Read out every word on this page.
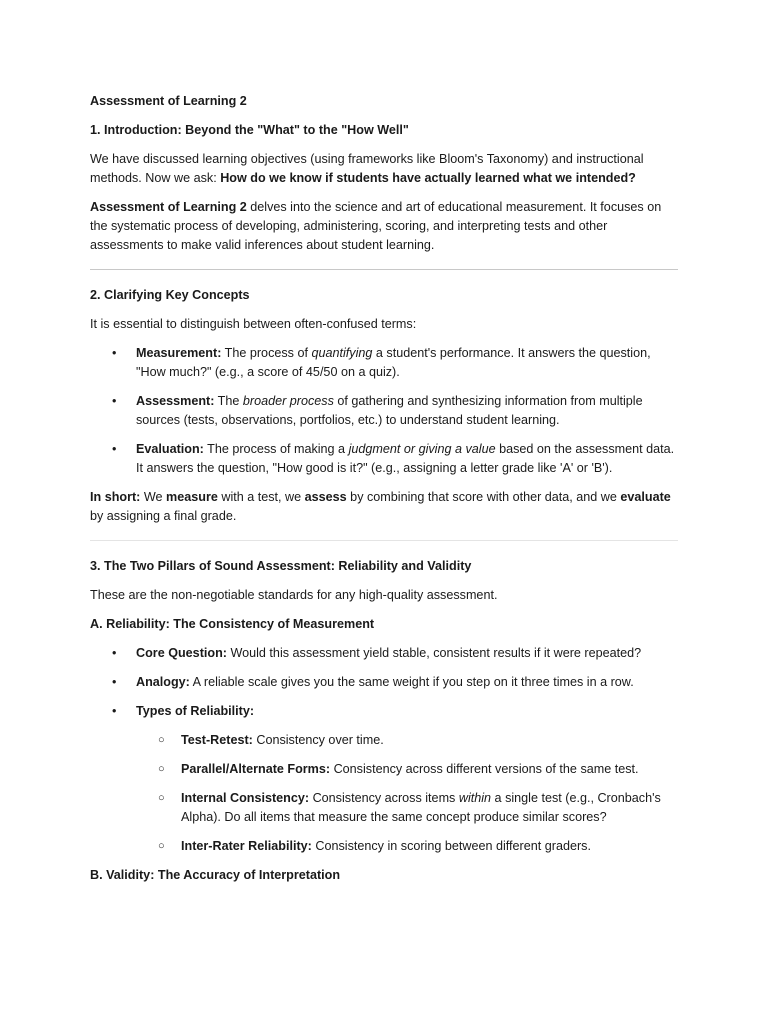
Assessment of Learning 2

1. Introduction: Beyond the "What" to the "How Well"

We have discussed learning objectives (using frameworks like Bloom's Taxonomy) and instructional methods. Now we ask: How do we know if students have actually learned what we intended?

Assessment of Learning 2 delves into the science and art of educational measurement. It focuses on the systematic process of developing, administering, scoring, and interpreting tests and other assessments to make valid inferences about student learning.

2. Clarifying Key Concepts

It is essential to distinguish between often-confused terms:

• Measurement: The process of quantifying a student's performance. It answers the question, "How much?" (e.g., a score of 45/50 on a quiz).
• Assessment: The broader process of gathering and synthesizing information from multiple sources (tests, observations, portfolios, etc.) to understand student learning.
• Evaluation: The process of making a judgment or giving a value based on the assessment data. It answers the question, "How good is it?" (e.g., assigning a letter grade like 'A' or 'B').

In short: We measure with a test, we assess by combining that score with other data, and we evaluate by assigning a final grade.

3. The Two Pillars of Sound Assessment: Reliability and Validity

These are the non-negotiable standards for any high-quality assessment.

A. Reliability: The Consistency of Measurement

• Core Question: Would this assessment yield stable, consistent results if it were repeated?
• Analogy: A reliable scale gives you the same weight if you step on it three times in a row.
• Types of Reliability:
○ Test-Retest: Consistency over time.
○ Parallel/Alternate Forms: Consistency across different versions of the same test.
○ Internal Consistency: Consistency across items within a single test (e.g., Cronbach's Alpha). Do all items that measure the same concept produce similar scores?
○ Inter-Rater Reliability: Consistency in scoring between different graders.

B. Validity: The Accuracy of Interpretation
